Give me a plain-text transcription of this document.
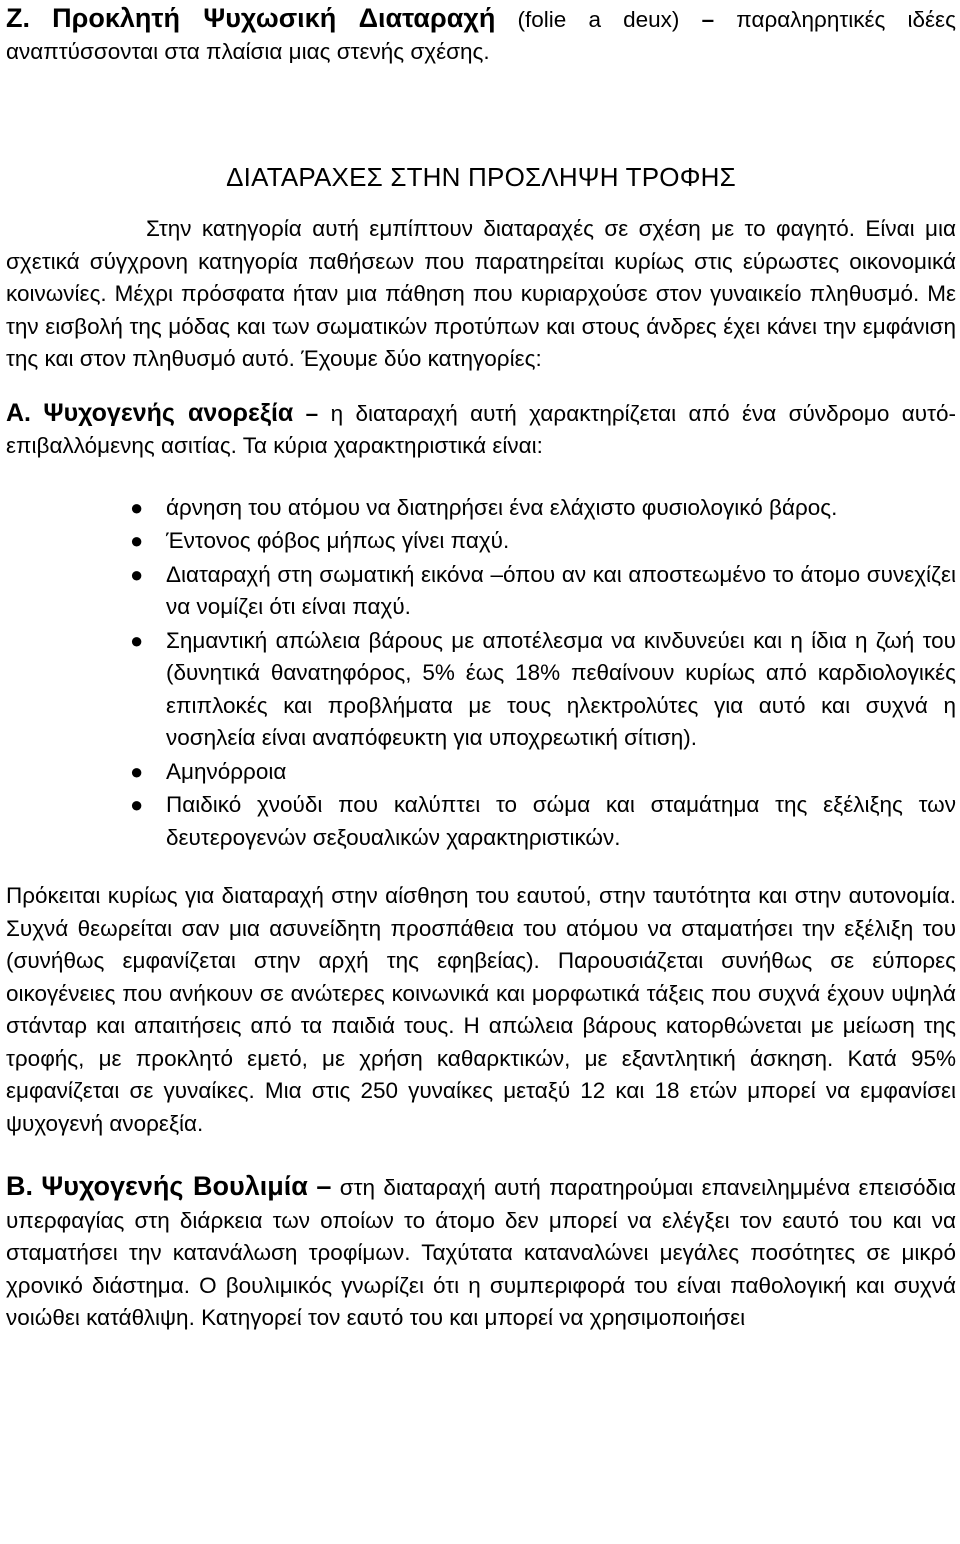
Ζ. Προκλητή Ψυχωσική Διαταραχή (folie a deux) – παραληρητικές ιδέες αναπτύσσονται στα πλαίσια μιας στενής σχέσης.

ΔΙΑΤΑΡΑΧΕΣ ΣΤΗΝ ΠΡΟΣΛΗΨΗ ΤΡΟΦΗΣ

Στην κατηγορία αυτή εμπίπτουν διαταραχές σε σχέση με το φαγητό. Είναι μια σχετικά σύγχρονη κατηγορία παθήσεων που παρατηρείται κυρίως στις εύρωστες οικονομικά κοινωνίες. Μέχρι πρόσφατα ήταν μια πάθηση που κυριαρχούσε στον γυναικείο πληθυσμό. Με την εισβολή της μόδας και των σωματικών προτύπων και στους άνδρες έχει κάνει την εμφάνιση της και στον πληθυσμό αυτό. Έχουμε δύο κατηγορίες:

Α. Ψυχογενής ανορεξία – η διαταραχή αυτή χαρακτηρίζεται από ένα σύνδρομο αυτό-επιβαλλόμενης ασιτίας. Τα κύρια χαρακτηριστικά είναι:

● άρνηση του ατόμου να διατηρήσει ένα ελάχιστο φυσιολογικό βάρος.
● Έντονος φόβος μήπως γίνει παχύ.
● Διαταραχή στη σωματική εικόνα –όπου αν και αποστεωμένο το άτομο συνεχίζει να νομίζει ότι είναι παχύ.
● Σημαντική απώλεια βάρους με αποτέλεσμα να κινδυνεύει και η ίδια η ζωή του (δυνητικά θανατηφόρος, 5% έως 18% πεθαίνουν κυρίως από καρδιολογικές επιπλοκές και προβλήματα με τους ηλεκτρολύτες για αυτό και συχνά η νοσηλεία είναι αναπόφευκτη για υποχρεωτική σίτιση).
● Αμηνόρροια
● Παιδικό χνούδι που καλύπτει το σώμα και σταμάτημα της εξέλιξης των δευτερογενών σεξουαλικών χαρακτηριστικών.

Πρόκειται κυρίως για διαταραχή στην αίσθηση του εαυτού, στην ταυτότητα και στην αυτονομία. Συχνά θεωρείται σαν μια ασυνείδητη προσπάθεια του ατόμου να σταματήσει την εξέλιξη του (συνήθως εμφανίζεται στην αρχή της εφηβείας). Παρουσιάζεται συνήθως σε εύπορες οικογένειες που ανήκουν σε ανώτερες κοινωνικά και μορφωτικά τάξεις που συχνά έχουν υψηλά στάνταρ και απαιτήσεις από τα παιδιά τους. Η απώλεια βάρους κατορθώνεται με μείωση της τροφής, με προκλητό εμετό, με χρήση καθαρκτικών, με εξαντλητική άσκηση. Κατά 95% εμφανίζεται σε γυναίκες. Μια στις 250 γυναίκες μεταξύ 12 και 18 ετών μπορεί να εμφανίσει ψυχογενή ανορεξία.

Β. Ψυχογενής Βουλιμία – στη διαταραχή αυτή παρατηρούμαι επανειλημμένα επεισόδια υπερφαγίας στη διάρκεια των οποίων το άτομο δεν μπορεί να ελέγξει τον εαυτό του και να σταματήσει την κατανάλωση τροφίμων. Ταχύτατα καταναλώνει μεγάλες ποσότητες σε μικρό χρονικό διάστημα. Ο βουλιμικός γνωρίζει ότι η συμπεριφορά του είναι παθολογική και συχνά νοιώθει κατάθλιψη. Κατηγορεί τον εαυτό του και μπορεί να χρησιμοποιήσει
